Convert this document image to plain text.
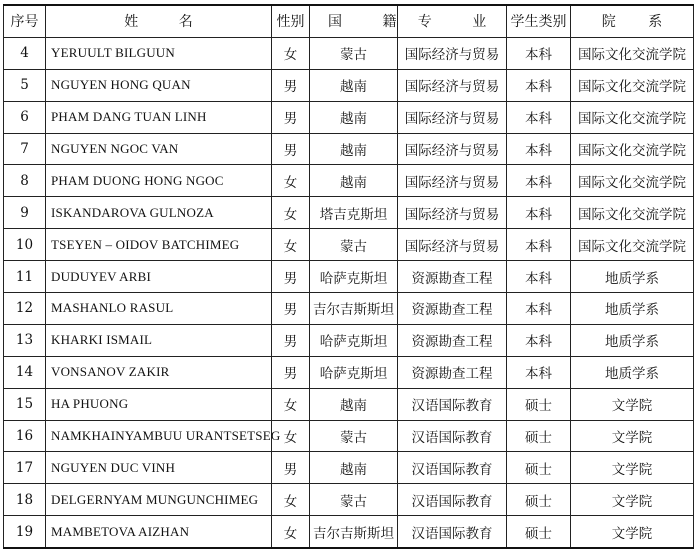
序号	姓 名	性别	国 籍	专 业	学生类别	院 系
4	YERUULT BILGUUN	女	蒙古	国际经济与贸易	本科	国际文化交流学院
5	NGUYEN HONG QUAN	男	越南	国际经济与贸易	本科	国际文化交流学院
6	PHAM DANG TUAN LINH	男	越南	国际经济与贸易	本科	国际文化交流学院
7	NGUYEN NGOC VAN	男	越南	国际经济与贸易	本科	国际文化交流学院
8	PHAM DUONG HONG NGOC	女	越南	国际经济与贸易	本科	国际文化交流学院
9	ISKANDAROVA GULNOZA	女	塔吉克斯坦	国际经济与贸易	本科	国际文化交流学院
10	TSEYEN – OIDOV BATCHIMEG	女	蒙古	国际经济与贸易	本科	国际文化交流学院
11	DUDUYEV ARBI	男	哈萨克斯坦	资源勘查工程	本科	地质学系
12	MASHANLO RASUL	男	吉尔吉斯斯坦	资源勘查工程	本科	地质学系
13	KHARKI ISMAIL	男	哈萨克斯坦	资源勘查工程	本科	地质学系
14	VONSANOV ZAKIR	男	哈萨克斯坦	资源勘查工程	本科	地质学系
15	HA PHUONG	女	越南	汉语国际教育	硕士	文学院
16	NAMKHAINYAMBUU URANTSETSEG	女	蒙古	汉语国际教育	硕士	文学院
17	NGUYEN DUC VINH	男	越南	汉语国际教育	硕士	文学院
18	DELGERNYAM MUNGUNCHIMEG	女	蒙古	汉语国际教育	硕士	文学院
19	MAMBETOVA AIZHAN	女	吉尔吉斯斯坦	汉语国际教育	硕士	文学院
